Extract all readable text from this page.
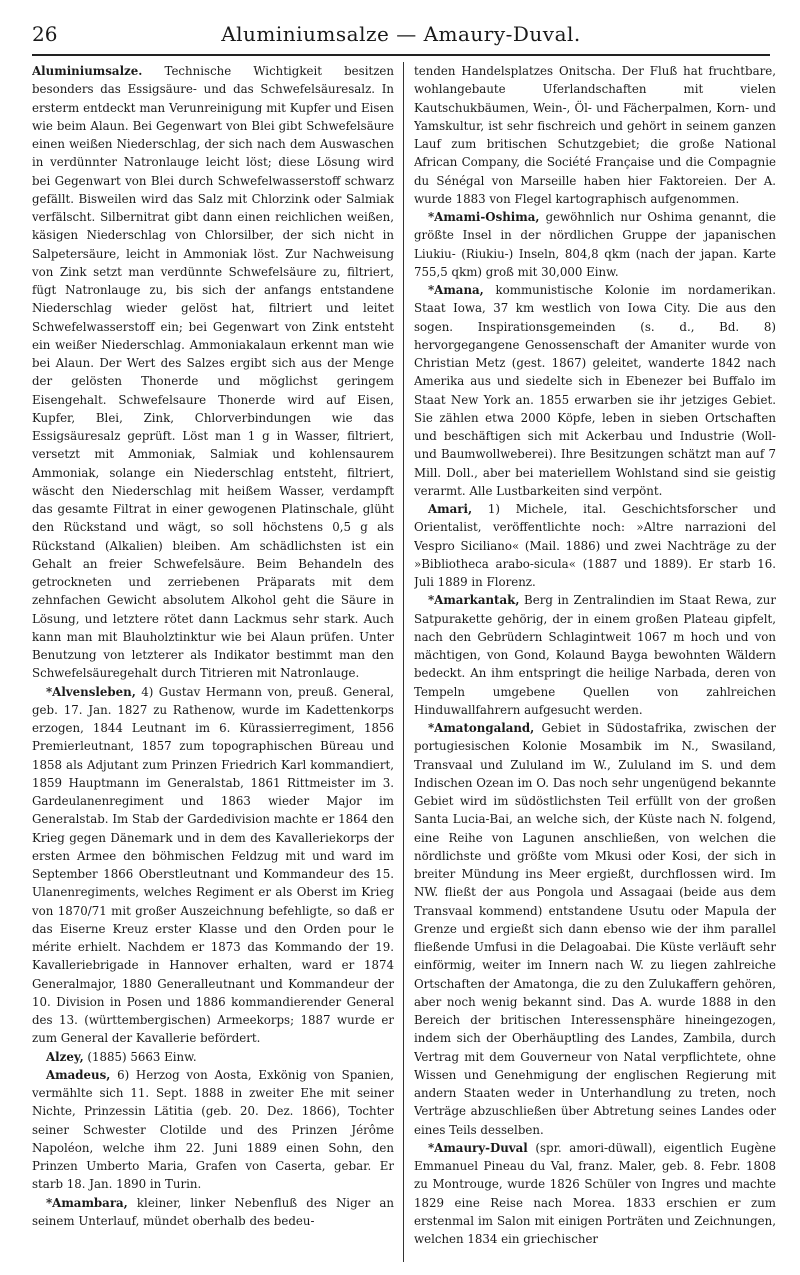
26	Aluminiumsalze — Amaury-Duval.

Aluminiumsalze. Technische Wichtigkeit besitzen besonders das Essigsäure- und das Schwefelsäuresalz. In ersterm entdeckt man Verunreinigung mit Kupfer und Eisen wie beim Alaun. Bei Gegenwart von Blei gibt Schwefelsäure einen weißen Niederschlag, der sich nach dem Auswaschen in verdünnter Natronlauge leicht löst; diese Lösung wird bei Gegenwart von Blei durch Schwefelwasserstoff schwarz gefällt. Bisweilen wird das Salz mit Chlorzink oder Salmiak verfälscht. Silbernitrat gibt dann einen reichlichen weißen, käsigen Niederschlag von Chlorsilber, der sich nicht in Salpetersäure, leicht in Ammoniak löst. Zur Nachweisung von Zink setzt man verdünnte Schwefelsäure zu, filtriert, fügt Natronlauge zu, bis sich der anfangs entstandene Niederschlag wieder gelöst hat, filtriert und leitet Schwefelwasserstoff ein; bei Gegenwart von Zink entsteht ein weißer Niederschlag. Ammoniakalaun erkennt man wie bei Alaun. Der Wert des Salzes ergibt sich aus der Menge der gelösten Thonerde und möglichst geringem Eisengehalt. Schwefelsaure Thonerde wird auf Eisen, Kupfer, Blei, Zink, Chlorverbindungen wie das Essigsäuresalz geprüft. Löst man 1 g in Wasser, filtriert, versetzt mit Ammoniak, Salmiak und kohlensaurem Ammoniak, solange ein Niederschlag entsteht, filtriert, wäscht den Niederschlag mit heißem Wasser, verdampft das gesamte Filtrat in einer gewogenen Platinschale, glüht den Rückstand und wägt, so soll höchstens 0,5 g als Rückstand (Alkalien) bleiben. Am schädlichsten ist ein Gehalt an freier Schwefelsäure. Beim Behandeln des getrockneten und zerriebenen Präparats mit dem zehnfachen Gewicht absolutem Alkohol geht die Säure in Lösung, und letztere rötet dann Lackmus sehr stark. Auch kann man mit Blauholztinktur wie bei Alaun prüfen. Unter Benutzung von letzterer als Indikator bestimmt man den Schwefelsäuregehalt durch Titrieren mit Natronlauge.

*Alvensleben, 4) Gustav Hermann von, preuß. General, geb. 17. Jan. 1827 zu Rathenow, wurde im Kadettenkorps erzogen, 1844 Leutnant im 6. Kürassierregiment, 1856 Premierleutnant, 1857 zum topographischen Büreau und 1858 als Adjutant zum Prinzen Friedrich Karl kommandiert, 1859 Hauptmann im Generalstab, 1861 Rittmeister im 3. Gardeulanenregiment und 1863 wieder Major im Generalstab. Im Stab der Gardedivision machte er 1864 den Krieg gegen Dänemark und in dem des Kavalleriekorps der ersten Armee den böhmischen Feldzug mit und ward im September 1866 Oberstleutnant und Kommandeur des 15. Ulanenregiments, welches Regiment er als Oberst im Krieg von 1870/71 mit großer Auszeichnung befehligte, so daß er das Eiserne Kreuz erster Klasse und den Orden pour le mérite erhielt. Nachdem er 1873 das Kommando der 19. Kavalleriebrigade in Hannover erhalten, ward er 1874 Generalmajor, 1880 Generalleutnant und Kommandeur der 10. Division in Posen und 1886 kommandierender General des 13. (württembergischen) Armeekorps; 1887 wurde er zum General der Kavallerie befördert.

Alzey, (1885) 5663 Einw.

Amadeus, 6) Herzog von Aosta, Exkönig von Spanien, vermählte sich 11. Sept. 1888 in zweiter Ehe mit seiner Nichte, Prinzessin Lätitia (geb. 20. Dez. 1866), Tochter seiner Schwester Clotilde und des Prinzen Jérôme Napoléon, welche ihm 22. Juni 1889 einen Sohn, den Prinzen Umberto Maria, Grafen von Caserta, gebar. Er starb 18. Jan. 1890 in Turin.

*Amambara, kleiner, linker Nebenfluß des Niger an seinem Unterlauf, mündet oberhalb des bedeu-

tenden Handelsplatzes Onitscha. Der Fluß hat fruchtbare, wohlangebaute Uferlandschaften mit vielen Kautschukbäumen, Wein-, Öl- und Fächerpalmen, Korn- und Yamskultur, ist sehr fischreich und gehört in seinem ganzen Lauf zum britischen Schutzgebiet; die große National African Company, die Société Française und die Compagnie du Sénégal von Marseille haben hier Faktoreien. Der A. wurde 1883 von Flegel kartographisch aufgenommen.

*Amami-Oshima, gewöhnlich nur Oshima genannt, die größte Insel in der nördlichen Gruppe der japanischen Liukiu- (Riukiu-) Inseln, 804,8 qkm (nach der japan. Karte 755,5 qkm) groß mit 30,000 Einw.

*Amana, kommunistische Kolonie im nordamerikan. Staat Iowa, 37 km westlich von Iowa City. Die aus den sogen. Inspirationsgemeinden (s. d., Bd. 8) hervorgegangene Genossenschaft der Amaniter wurde von Christian Metz (gest. 1867) geleitet, wanderte 1842 nach Amerika aus und siedelte sich in Ebenezer bei Buffalo im Staat New York an. 1855 erwarben sie ihr jetziges Gebiet. Sie zählen etwa 2000 Köpfe, leben in sieben Ortschaften und beschäftigen sich mit Ackerbau und Industrie (Woll- und Baumwollweberei). Ihre Besitzungen schätzt man auf 7 Mill. Doll., aber bei materiellem Wohlstand sind sie geistig verarmt. Alle Lustbarkeiten sind verpönt.

Amari, 1) Michele, ital. Geschichtsforscher und Orientalist, veröffentlichte noch: »Altre narrazioni del Vespro Siciliano« (Mail. 1886) und zwei Nachträge zu der »Bibliotheca arabo-sicula« (1887 und 1889). Er starb 16. Juli 1889 in Florenz.

*Amarkantak, Berg in Zentralindien im Staat Rewa, zur Satpurakette gehörig, der in einem großen Plateau gipfelt, nach den Gebrüdern Schlagintweit 1067 m hoch und von mächtigen, von Gond, Kolaund Bayga bewohnten Wäldern bedeckt. An ihm entspringt die heilige Narbada, deren von Tempeln umgebene Quellen von zahlreichen Hinduwallfahrern aufgesucht werden.

*Amatongaland, Gebiet in Südostafrika, zwischen der portugiesischen Kolonie Mosambik im N., Swasiland, Transvaal und Zululand im W., Zululand im S. und dem Indischen Ozean im O. Das noch sehr ungenügend bekannte Gebiet wird im südöstlichsten Teil erfüllt von der großen Santa Lucia-Bai, an welche sich, der Küste nach N. folgend, eine Reihe von Lagunen anschließen, von welchen die nördlichste und größte vom Mkusi oder Kosi, der sich in breiter Mündung ins Meer ergießt, durchflossen wird. Im NW. fließt der aus Pongola und Assagaai (beide aus dem Transvaal kommend) entstandene Usutu oder Mapula der Grenze und ergießt sich dann ebenso wie der ihm parallel fließende Umfusi in die Delagoabai. Die Küste verläuft sehr einförmig, weiter im Innern nach W. zu liegen zahlreiche Ortschaften der Amatonga, die zu den Zulukaffern gehören, aber noch wenig bekannt sind. Das A. wurde 1888 in den Bereich der britischen Interessensphäre hineingezogen, indem sich der Oberhäuptling des Landes, Zambila, durch Vertrag mit dem Gouverneur von Natal verpflichtete, ohne Wissen und Genehmigung der englischen Regierung mit andern Staaten weder in Unterhandlung zu treten, noch Verträge abzuschließen über Abtretung seines Landes oder eines Teils desselben.

*Amaury-Duval (spr. amori-düwall), eigentlich Eugène Emmanuel Pineau du Val, franz. Maler, geb. 8. Febr. 1808 zu Montrouge, wurde 1826 Schüler von Ingres und machte 1829 eine Reise nach Morea. 1833 erschien er zum erstenmal im Salon mit einigen Porträten und Zeichnungen, welchen 1834 ein griechischer
